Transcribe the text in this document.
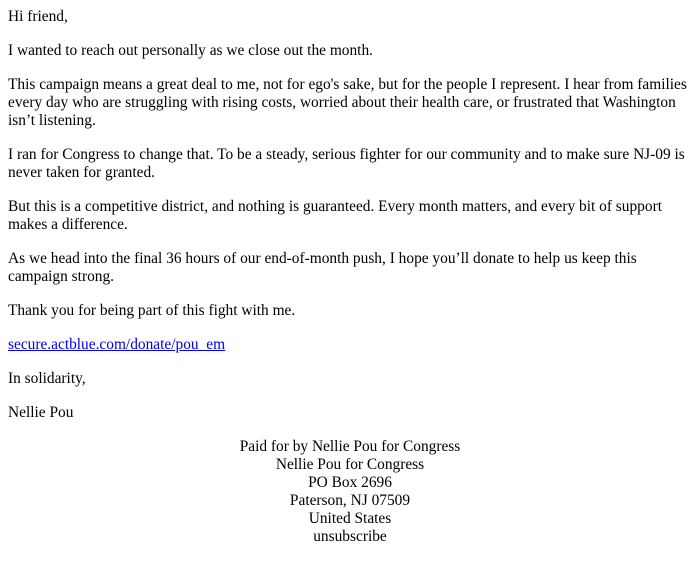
Hi friend,

I wanted to reach out personally as we close out the month.

This campaign means a great deal to me, not for ego's sake, but for the people I represent. I hear from families every day who are struggling with rising costs, worried about their health care, or frustrated that Washington isn’t listening.

I ran for Congress to change that. To be a steady, serious fighter for our community and to make sure NJ-09 is never taken for granted.

But this is a competitive district, and nothing is guaranteed. Every month matters, and every bit of support makes a difference.

As we head into the final 36 hours of our end-of-month push, I hope you’ll donate to help us keep this campaign strong.

Thank you for being part of this fight with me.

secure.actblue.com/donate/pou_em

In solidarity,

Nellie Pou

Paid for by Nellie Pou for Congress
Nellie Pou for Congress
PO Box 2696
Paterson, NJ 07509
United States
unsubscribe
